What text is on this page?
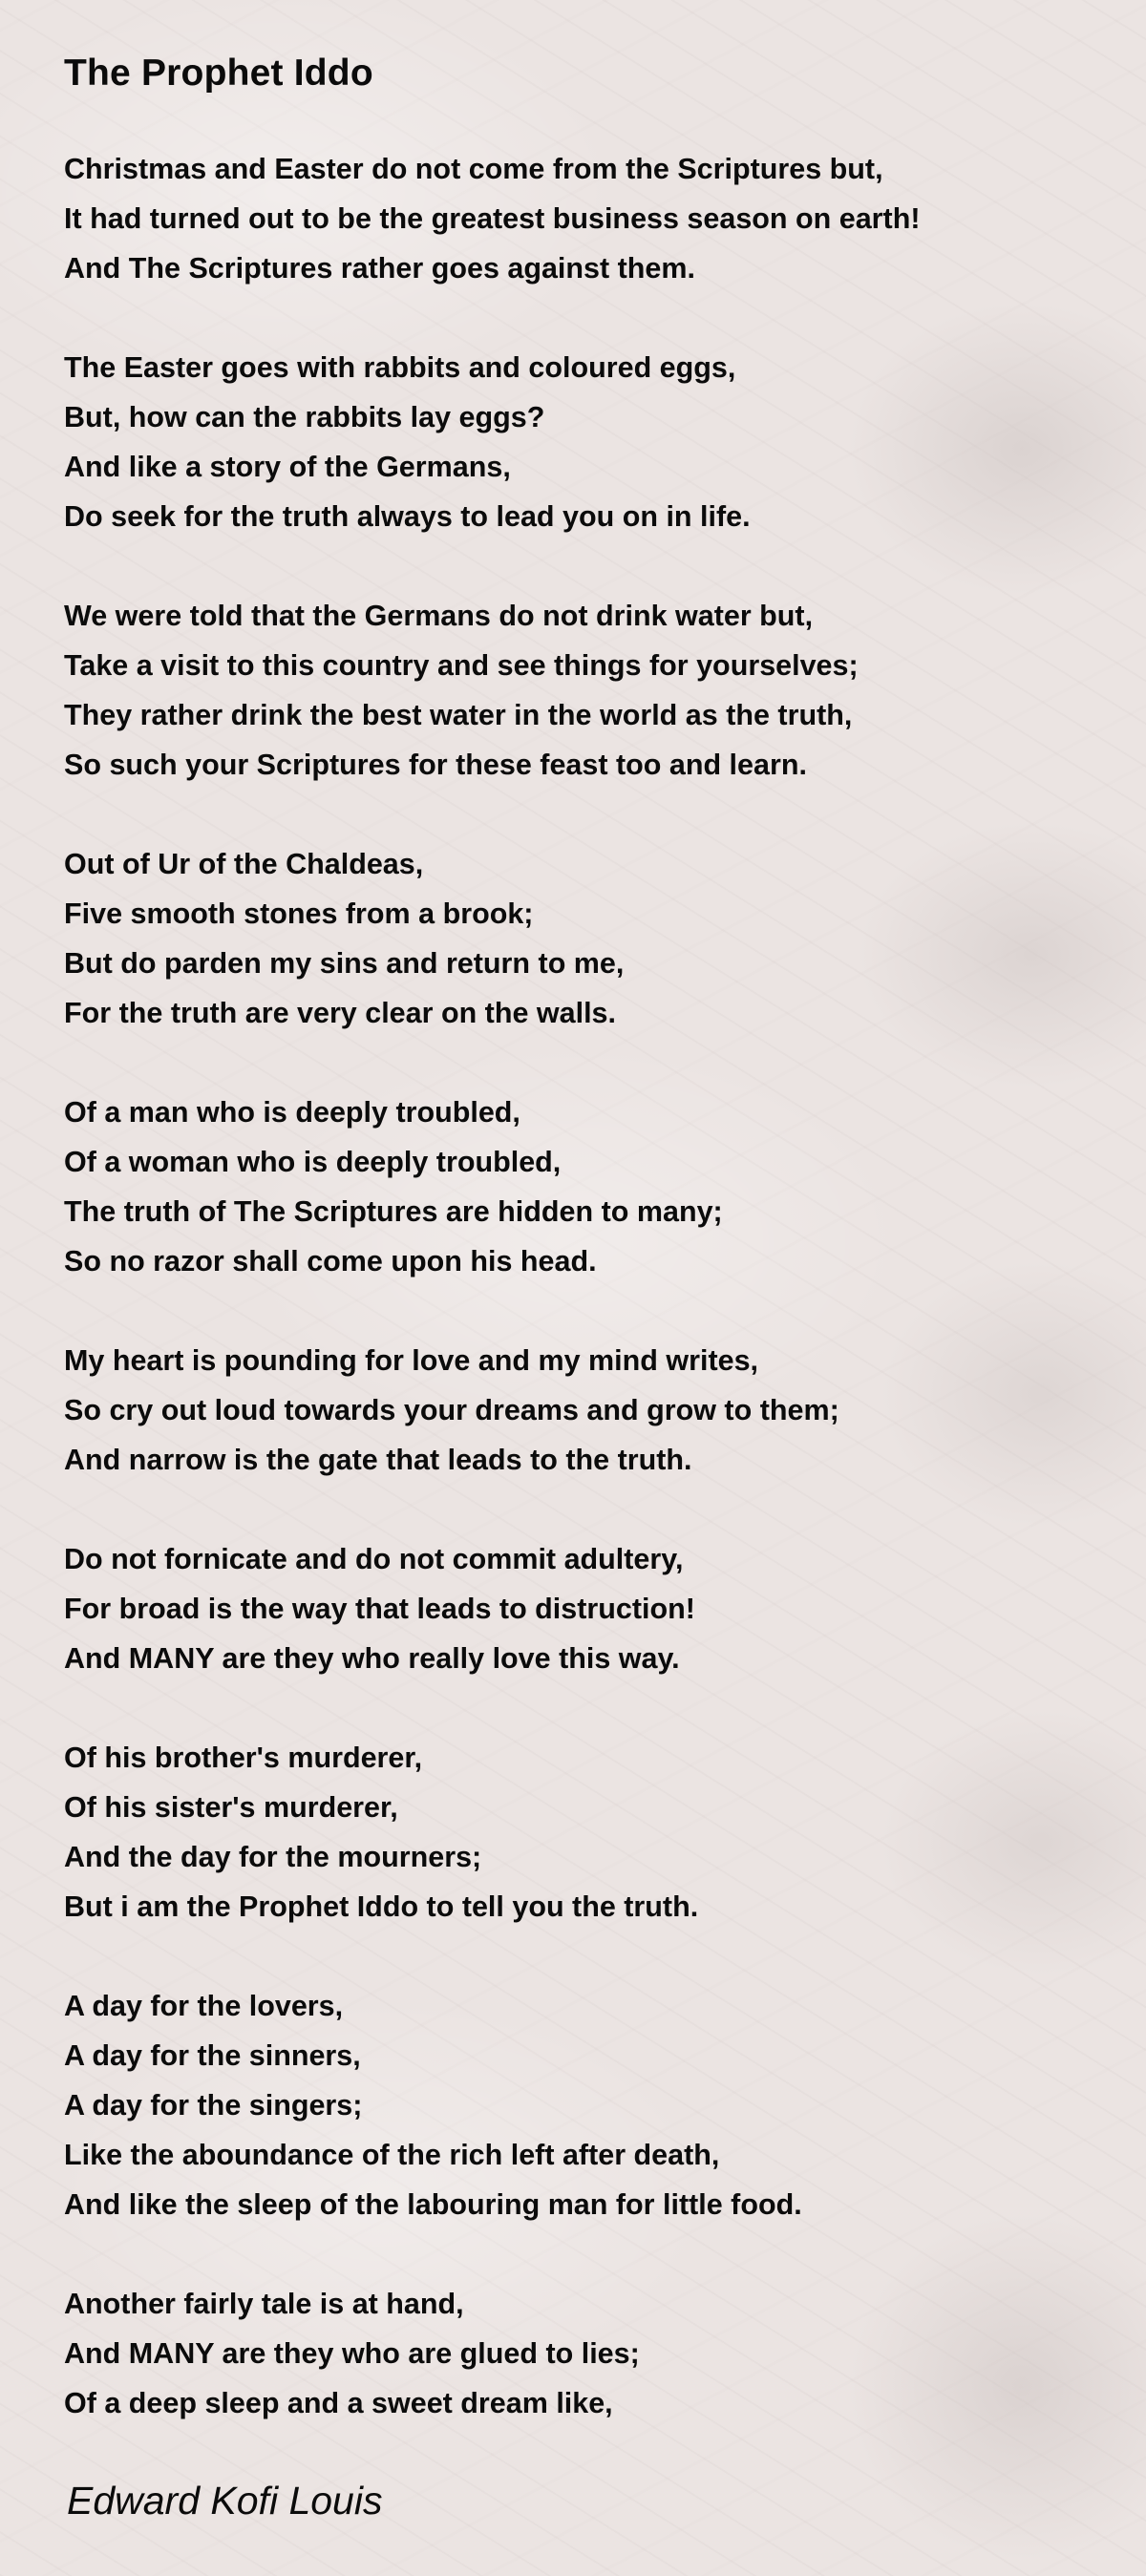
The Prophet Iddo
Christmas and Easter do not come from the Scriptures but,
It had turned out to be the greatest business season on earth!
And The Scriptures rather goes against them.
The Easter goes with rabbits and coloured eggs,
But, how can the rabbits lay eggs?
And like a story of the Germans,
Do seek for the truth always to lead you on in life.
We were told that the Germans do not drink water but,
Take a visit to this country and see things for yourselves;
They rather drink the best water in the world as the truth,
So such your Scriptures for these feast too and learn.
Out of Ur of the Chaldeas,
Five smooth stones from a brook;
But do parden my sins and return to me,
For the truth are very clear on the walls.
Of a man who is deeply troubled,
Of a woman who is deeply troubled,
The truth of The Scriptures are hidden to many;
So no razor shall come upon his head.
My heart is pounding for love and my mind writes,
So cry out loud towards your dreams and grow to them;
And narrow is the gate that leads to the truth.
Do not fornicate and do not commit adultery,
For broad is the way that leads to distruction!
And MANY are they who really love this way.
Of his brother's murderer,
Of his sister's murderer,
And the day for the mourners;
But i am the Prophet Iddo to tell you the truth.
A day for the lovers,
A day for the sinners,
A day for the singers;
Like the aboundance of the rich left after death,
And like the sleep of the labouring man for little food.
Another fairly tale is at hand,
And MANY are they who are glued to lies;
Of a deep sleep and a sweet dream like,
Edward Kofi Louis
